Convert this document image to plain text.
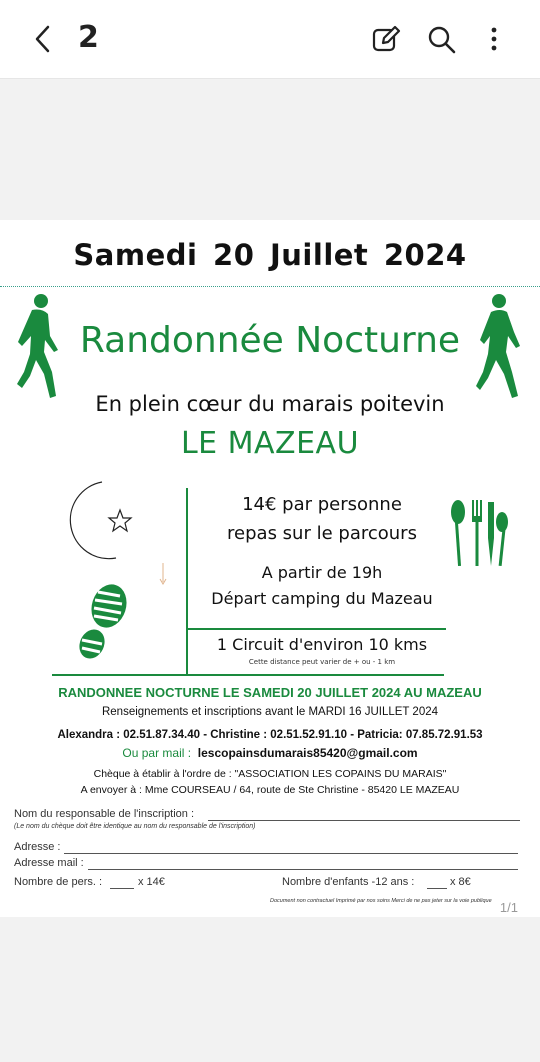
2
Samedi 20 Juillet 2024
Randonnée Nocturne
En plein cœur du marais poitevin
LE MAZEAU
14€ par personne
repas sur le parcours
A partir de 19h
Départ camping du Mazeau
1 Circuit d'environ 10 kms
Cette distance peut varier de + ou - 1 km
RANDONNEE NOCTURNE LE SAMEDI 20 JUILLET 2024 AU MAZEAU
Renseignements et inscriptions avant le MARDI 16 JUILLET 2024
Alexandra : 02.51.87.34.40 - Christine : 02.51.52.91.10 - Patricia: 07.85.72.91.53
Ou par mail : lescopainsdumarais85420@gmail.com
Chèque à établir à l'ordre de : "ASSOCIATION LES COPAINS DU MARAIS"
A envoyer à : Mme COURSEAU / 64, route de Ste Christine - 85420 LE MAZEAU
Nom du responsable de l'inscription :
(Le nom du chèque doit être identique au nom du responsable de l'inscription)
Adresse :
Adresse mail :
Nombre de pers. :	x 14€	Nombre d'enfants -12 ans :	x 8€
Document non contractuel Imprimé par nos soins Merci de ne pas jeter sur la voie publique 1/1
